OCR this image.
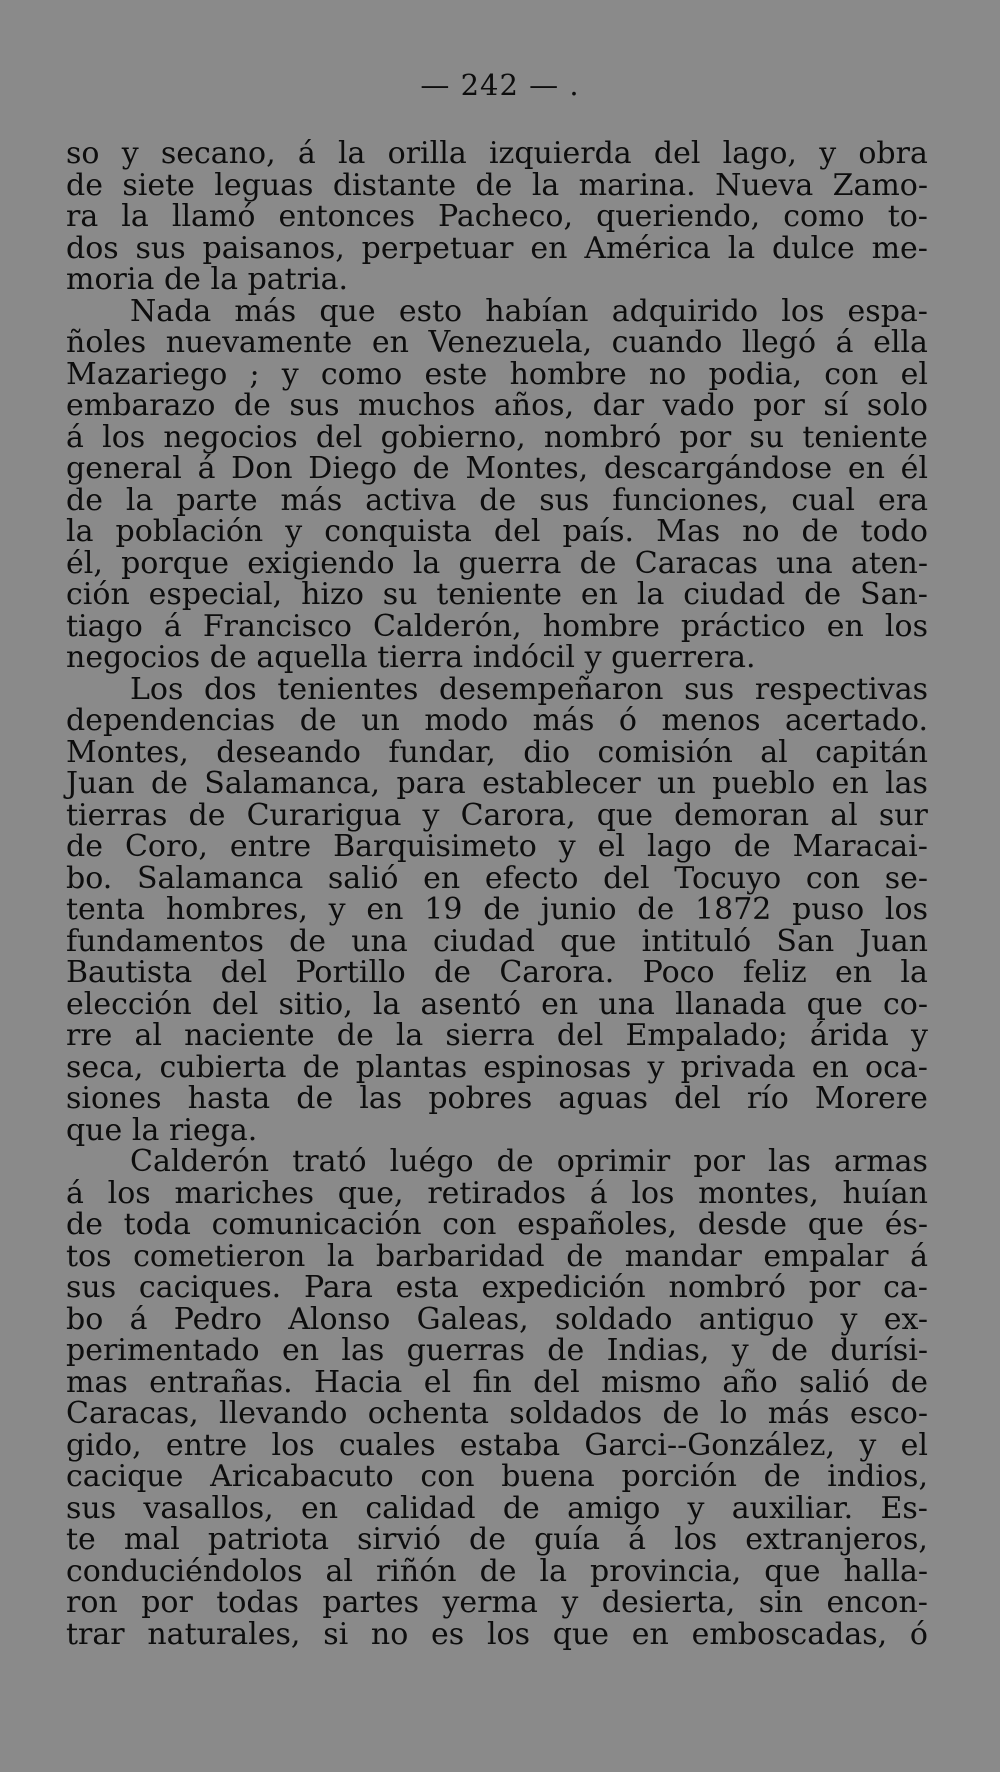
— 242 — .
so y secano, á la orilla izquierda del lago, y obra
de siete leguas distante de la marina. Nueva Zamo-
ra la llamó entonces Pacheco, queriendo, como to-
dos sus paisanos, perpetuar en América la dulce me-
moria de la patria.
Nada más que esto habían adquirido los espa-
ñoles nuevamente en Venezuela, cuando llegó á ella
Mazariego ; y como este hombre no podia, con el
embarazo de sus muchos años, dar vado por sí solo
á los negocios del gobierno, nombró por su teniente
general á Don Diego de Montes, descargándose en él
de la parte más activa de sus funciones, cual era
la población y conquista del país. Mas no de todo
él, porque exigiendo la guerra de Caracas una aten-
ción especial, hizo su teniente en la ciudad de San-
tiago á Francisco Calderón, hombre práctico en los
negocios de aquella tierra indócil y guerrera.
Los dos tenientes desempeñaron sus respectivas
dependencias de un modo más ó menos acertado.
Montes, deseando fundar, dio comisión al capitán
Juan de Salamanca, para establecer un pueblo en las
tierras de Curarigua y Carora, que demoran al sur
de Coro, entre Barquisimeto y el lago de Maracai-
bo. Salamanca salió en efecto del Tocuyo con se-
tenta hombres, y en 19 de junio de 1872 puso los
fundamentos de una ciudad que intituló San Juan
Bautista del Portillo de Carora. Poco feliz en la
elección del sitio, la asentó en una llanada que co-
rre al naciente de la sierra del Empalado; árida y
seca, cubierta de plantas espinosas y privada en oca-
siones hasta de las pobres aguas del río Morere
que la riega.
Calderón trató luégo de oprimir por las armas
á los mariches que, retirados á los montes, huían
de toda comunicación con españoles, desde que és-
tos cometieron la barbaridad de mandar empalar á
sus caciques. Para esta expedición nombró por ca-
bo á Pedro Alonso Galeas, soldado antiguo y ex-
perimentado en las guerras de Indias, y de durísi-
mas entrañas. Hacia el fin del mismo año salió de
Caracas, llevando ochenta soldados de lo más esco-
gido, entre los cuales estaba Garci--González, y el
cacique Aricabacuto con buena porción de indios,
sus vasallos, en calidad de amigo y auxiliar. Es-
te mal patriota sirvió de guía á los extranjeros,
conduciéndolos al riñón de la provincia, que halla-
ron por todas partes yerma y desierta, sin encon-
trar naturales, si no es los que en emboscadas, ó
